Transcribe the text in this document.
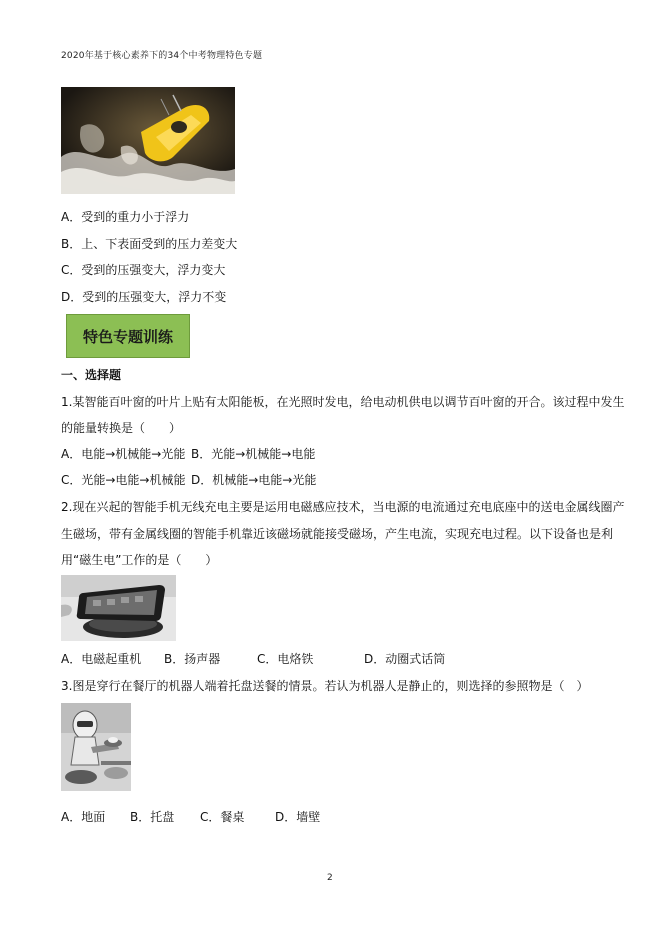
2020年基于核心素养下的34个中考物理特色专题
A．受到的重力小于浮力
B．上、下表面受到的压力差变大
C．受到的压强变大，浮力变大
D．受到的压强变大，浮力不变
特色专题训练
一、选择题
1.某智能百叶窗的叶片上贴有太阳能板，在光照时发电，给电动机供电以调节百叶窗的开合。该过程中发生
的能量转换是（　　）
A．电能→机械能→光能 B．光能→机械能→电能
C．光能→电能→机械能 D．机械能→电能→光能
2.现在兴起的智能手机无线充电主要是运用电磁感应技术，当电源的电流通过充电底座中的送电金属线圈产
生磁场，带有金属线圈的智能手机靠近该磁场就能接受磁场，产生电流，实现充电过程。以下设备也是利
用“磁生电”工作的是（　　）
A．电磁起重机 B．扬声器	C．电烙铁	D．动圈式话筒
3.图是穿行在餐厅的机器人端着托盘送餐的情景。若认为机器人是静止的，则选择的参照物是（　）
A．地面 B．托盘 C．餐桌	D．墙壁
2
